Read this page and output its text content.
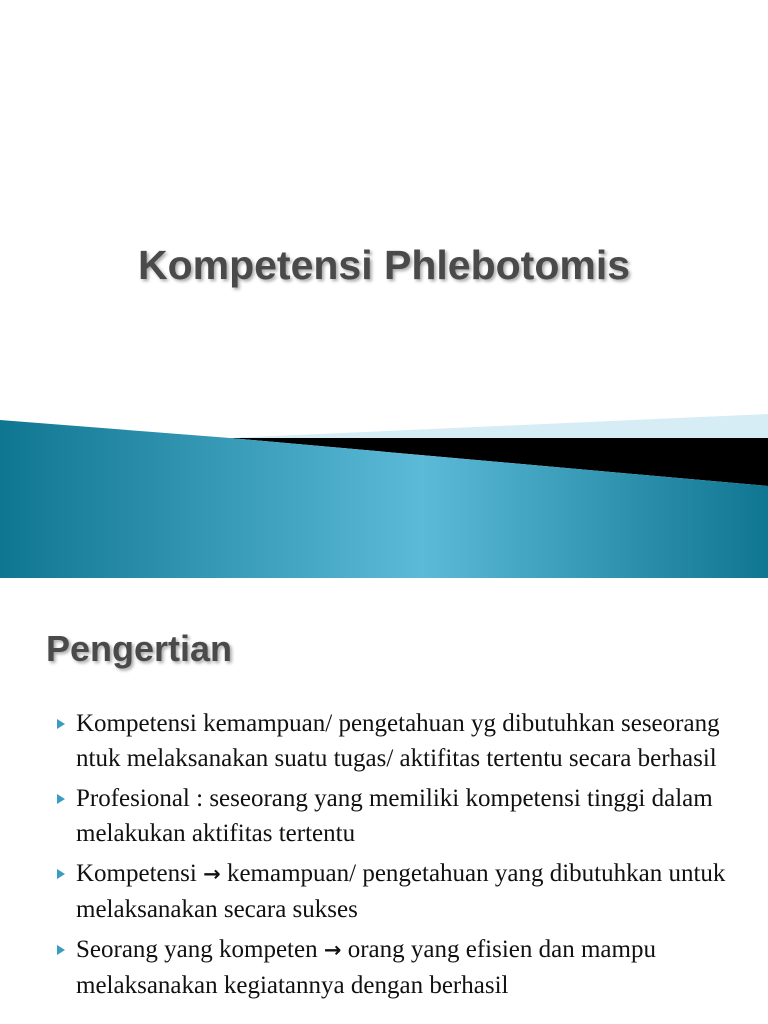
Kompetensi Phlebotomis
Pengertian
Kompetensi kemampuan/ pengetahuan yg dibutuhkan seseorang ntuk melaksanakan suatu tugas/ aktifitas tertentu secara berhasil
Profesional : seseorang yang memiliki kompetensi tinggi dalam melakukan aktifitas tertentu
Kompetensi → kemampuan/ pengetahuan yang dibutuhkan untuk melaksanakan secara sukses
Seorang yang kompeten → orang yang efisien dan mampu melaksanakan kegiatannya dengan berhasil
